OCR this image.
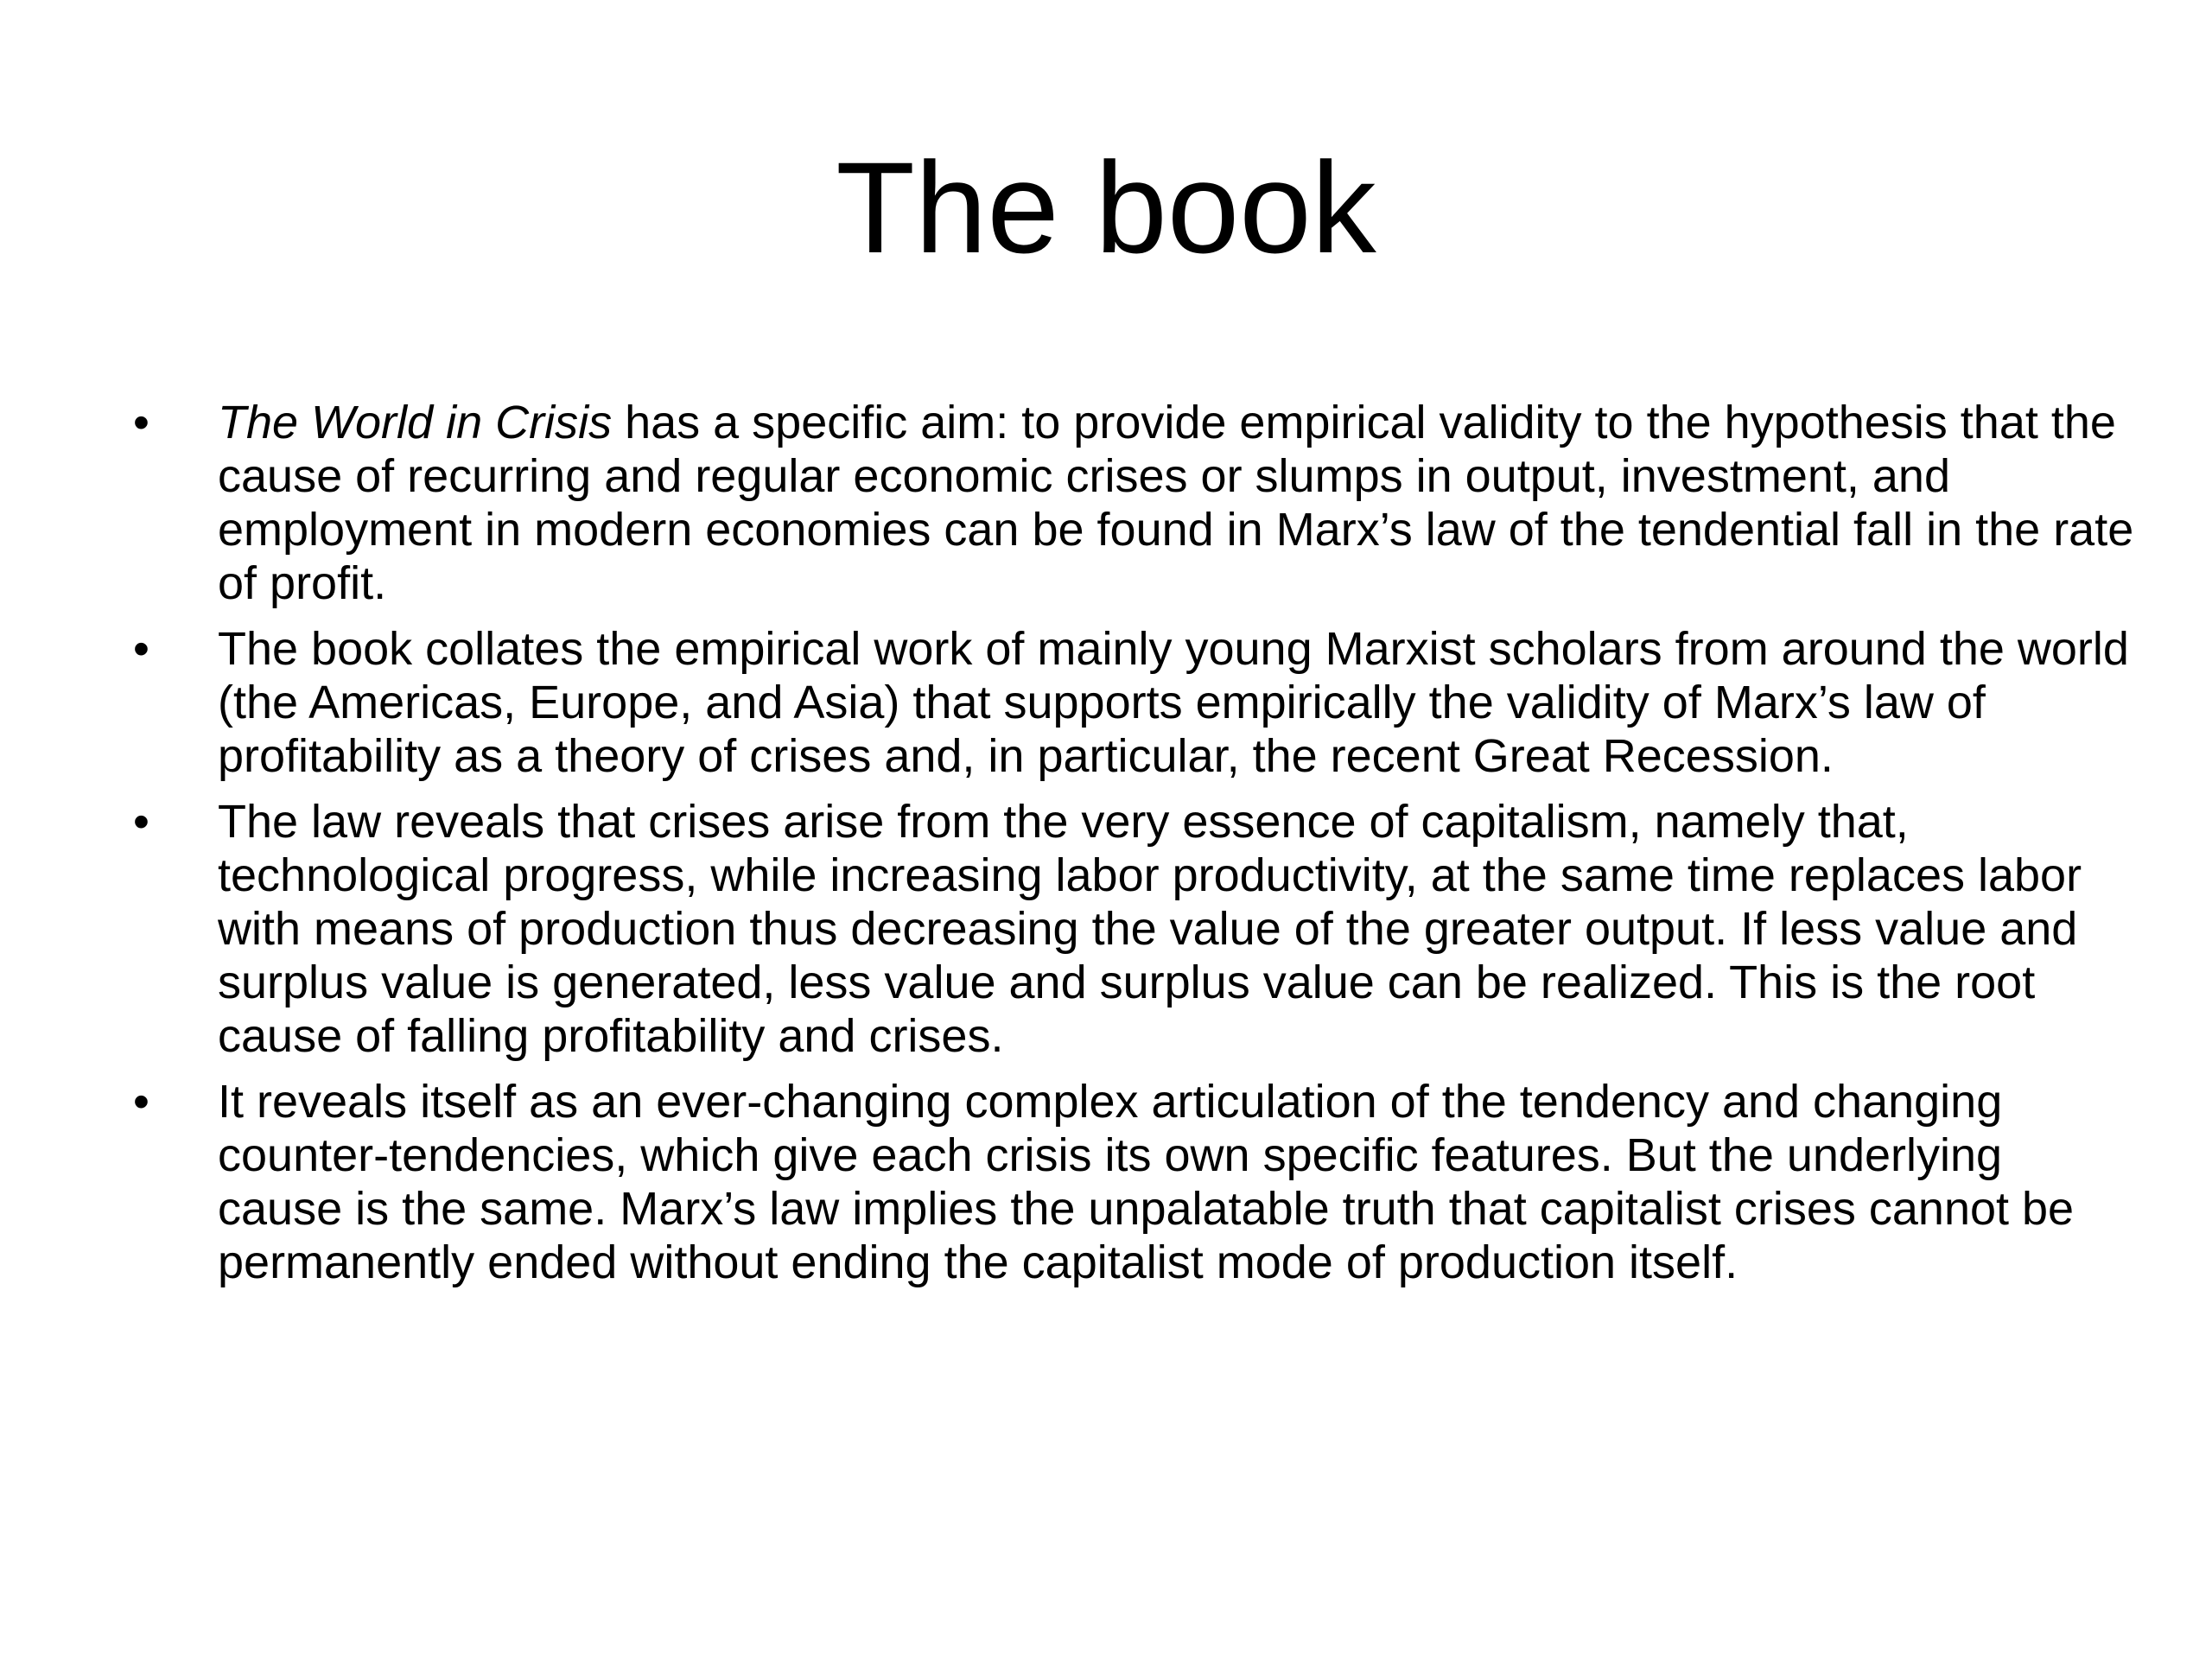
The book
• The World in Crisis has a specific aim: to provide empirical validity to the hypothesis that the cause of recurring and regular economic crises or slumps in output, investment, and employment in modern economies can be found in Marx’s law of the tendential fall in the rate of profit.
• The book collates the empirical work of mainly young Marxist scholars from around the world (the Americas, Europe, and Asia) that supports empirically the validity of Marx’s law of profitability as a theory of crises and, in particular, the recent Great Recession.
• The law reveals that crises arise from the very essence of capitalism, namely that, technological progress, while increasing labor productivity, at the same time replaces labor with means of production thus decreasing the value of the greater output. If less value and surplus value is generated, less value and surplus value can be realized. This is the root cause of falling profitability and crises.
• It reveals itself as an ever-changing complex articulation of the tendency and changing counter-tendencies, which give each crisis its own specific features. But the underlying cause is the same. Marx’s law implies the unpalatable truth that capitalist crises cannot be permanently ended without ending the capitalist mode of production itself.
